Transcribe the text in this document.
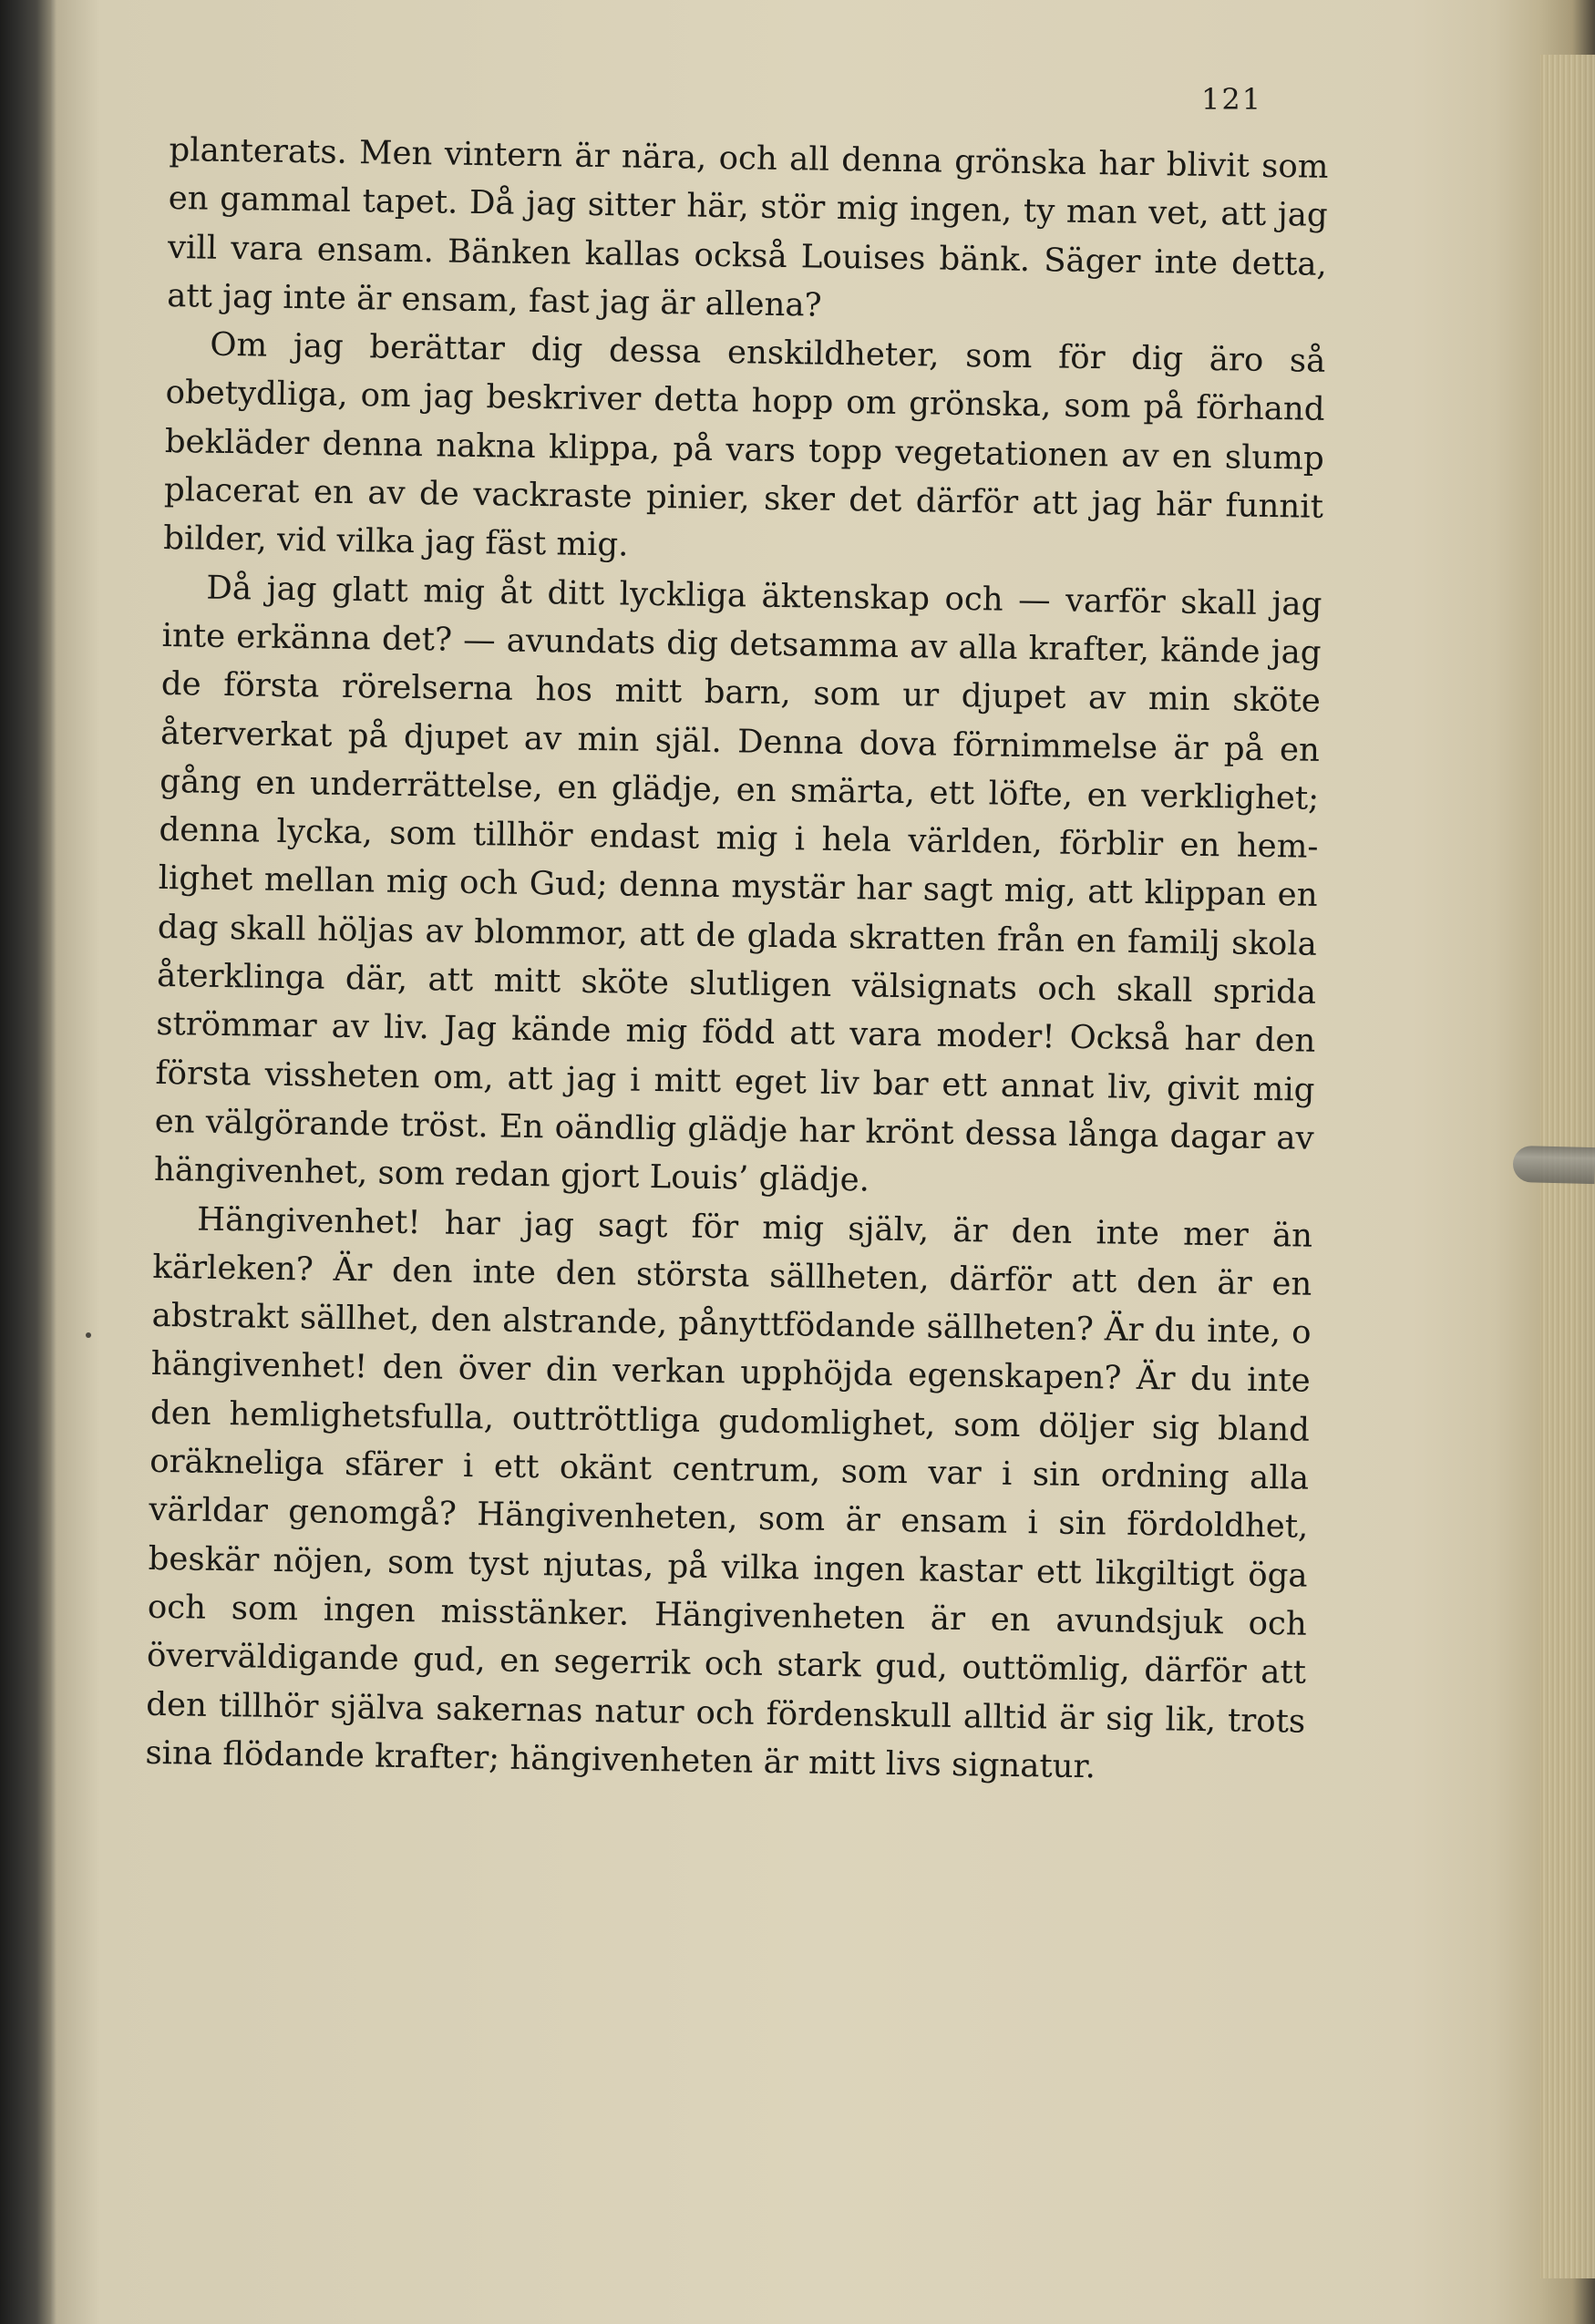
121

planterats. Men vintern är nära, och all denna grönska har blivit som en gammal tapet. Då jag sitter här, stör mig ingen, ty man vet, att jag vill vara ensam. Bänken kallas också Louises bänk. Säger inte detta, att jag inte är ensam, fast jag är allena?

Om jag berättar dig dessa enskildheter, som för dig äro så obetydliga, om jag beskriver detta hopp om grönska, som på förhand bekläder denna nakna klippa, på vars topp vegetationen av en slump placerat en av de vackraste pinier, sker det därför att jag här funnit bilder, vid vilka jag fäst mig.

Då jag glatt mig åt ditt lyckliga äktenskap och — varför skall jag inte erkänna det? — avundats dig detsamma av alla krafter, kände jag de första rörelserna hos mitt barn, som ur djupet av min sköte återverkat på djupet av min själ. Denna dova förnimmelse är på en gång en underrättelse, en glädje, en smärta, ett löfte, en verklighet; denna lycka, som tillhör endast mig i hela världen, förblir en hemlighet mellan mig och Gud; denna mystär har sagt mig, att klippan en dag skall höljas av blommor, att de glada skratten från en familj skola återklinga där, att mitt sköte slutligen välsignats och skall sprida strömmar av liv. Jag kände mig född att vara moder! Också har den första vissheten om, att jag i mitt eget liv bar ett annat liv, givit mig en välgörande tröst. En oändlig glädje har krönt dessa långa dagar av hängivenhet, som redan gjort Louis’ glädje.

Hängivenhet! har jag sagt för mig själv, är den inte mer än kärleken? Är den inte den största sällheten, därför att den är en abstrakt sällhet, den alstrande, pånyttfödande sällheten? Är du inte, o hängivenhet! den över din verkan upphöjda egenskapen? Är du inte den hemlighetsfulla, outtröttliga gudomlighet, som döljer sig bland oräkneliga sfärer i ett okänt centrum, som var i sin ordning alla världar genomgå? Hängivenheten, som är ensam i sin fördoldhet, beskär nöjen, som tyst njutas, på vilka ingen kastar ett likgiltigt öga och som ingen misstänker. Hängivenheten är en avundsjuk och överväldigande gud, en segerrik och stark gud, outtömlig, därför att den tillhör själva sakernas natur och fördenskull alltid är sig lik, trots sina flödande krafter; hängivenheten är mitt livs signatur.
